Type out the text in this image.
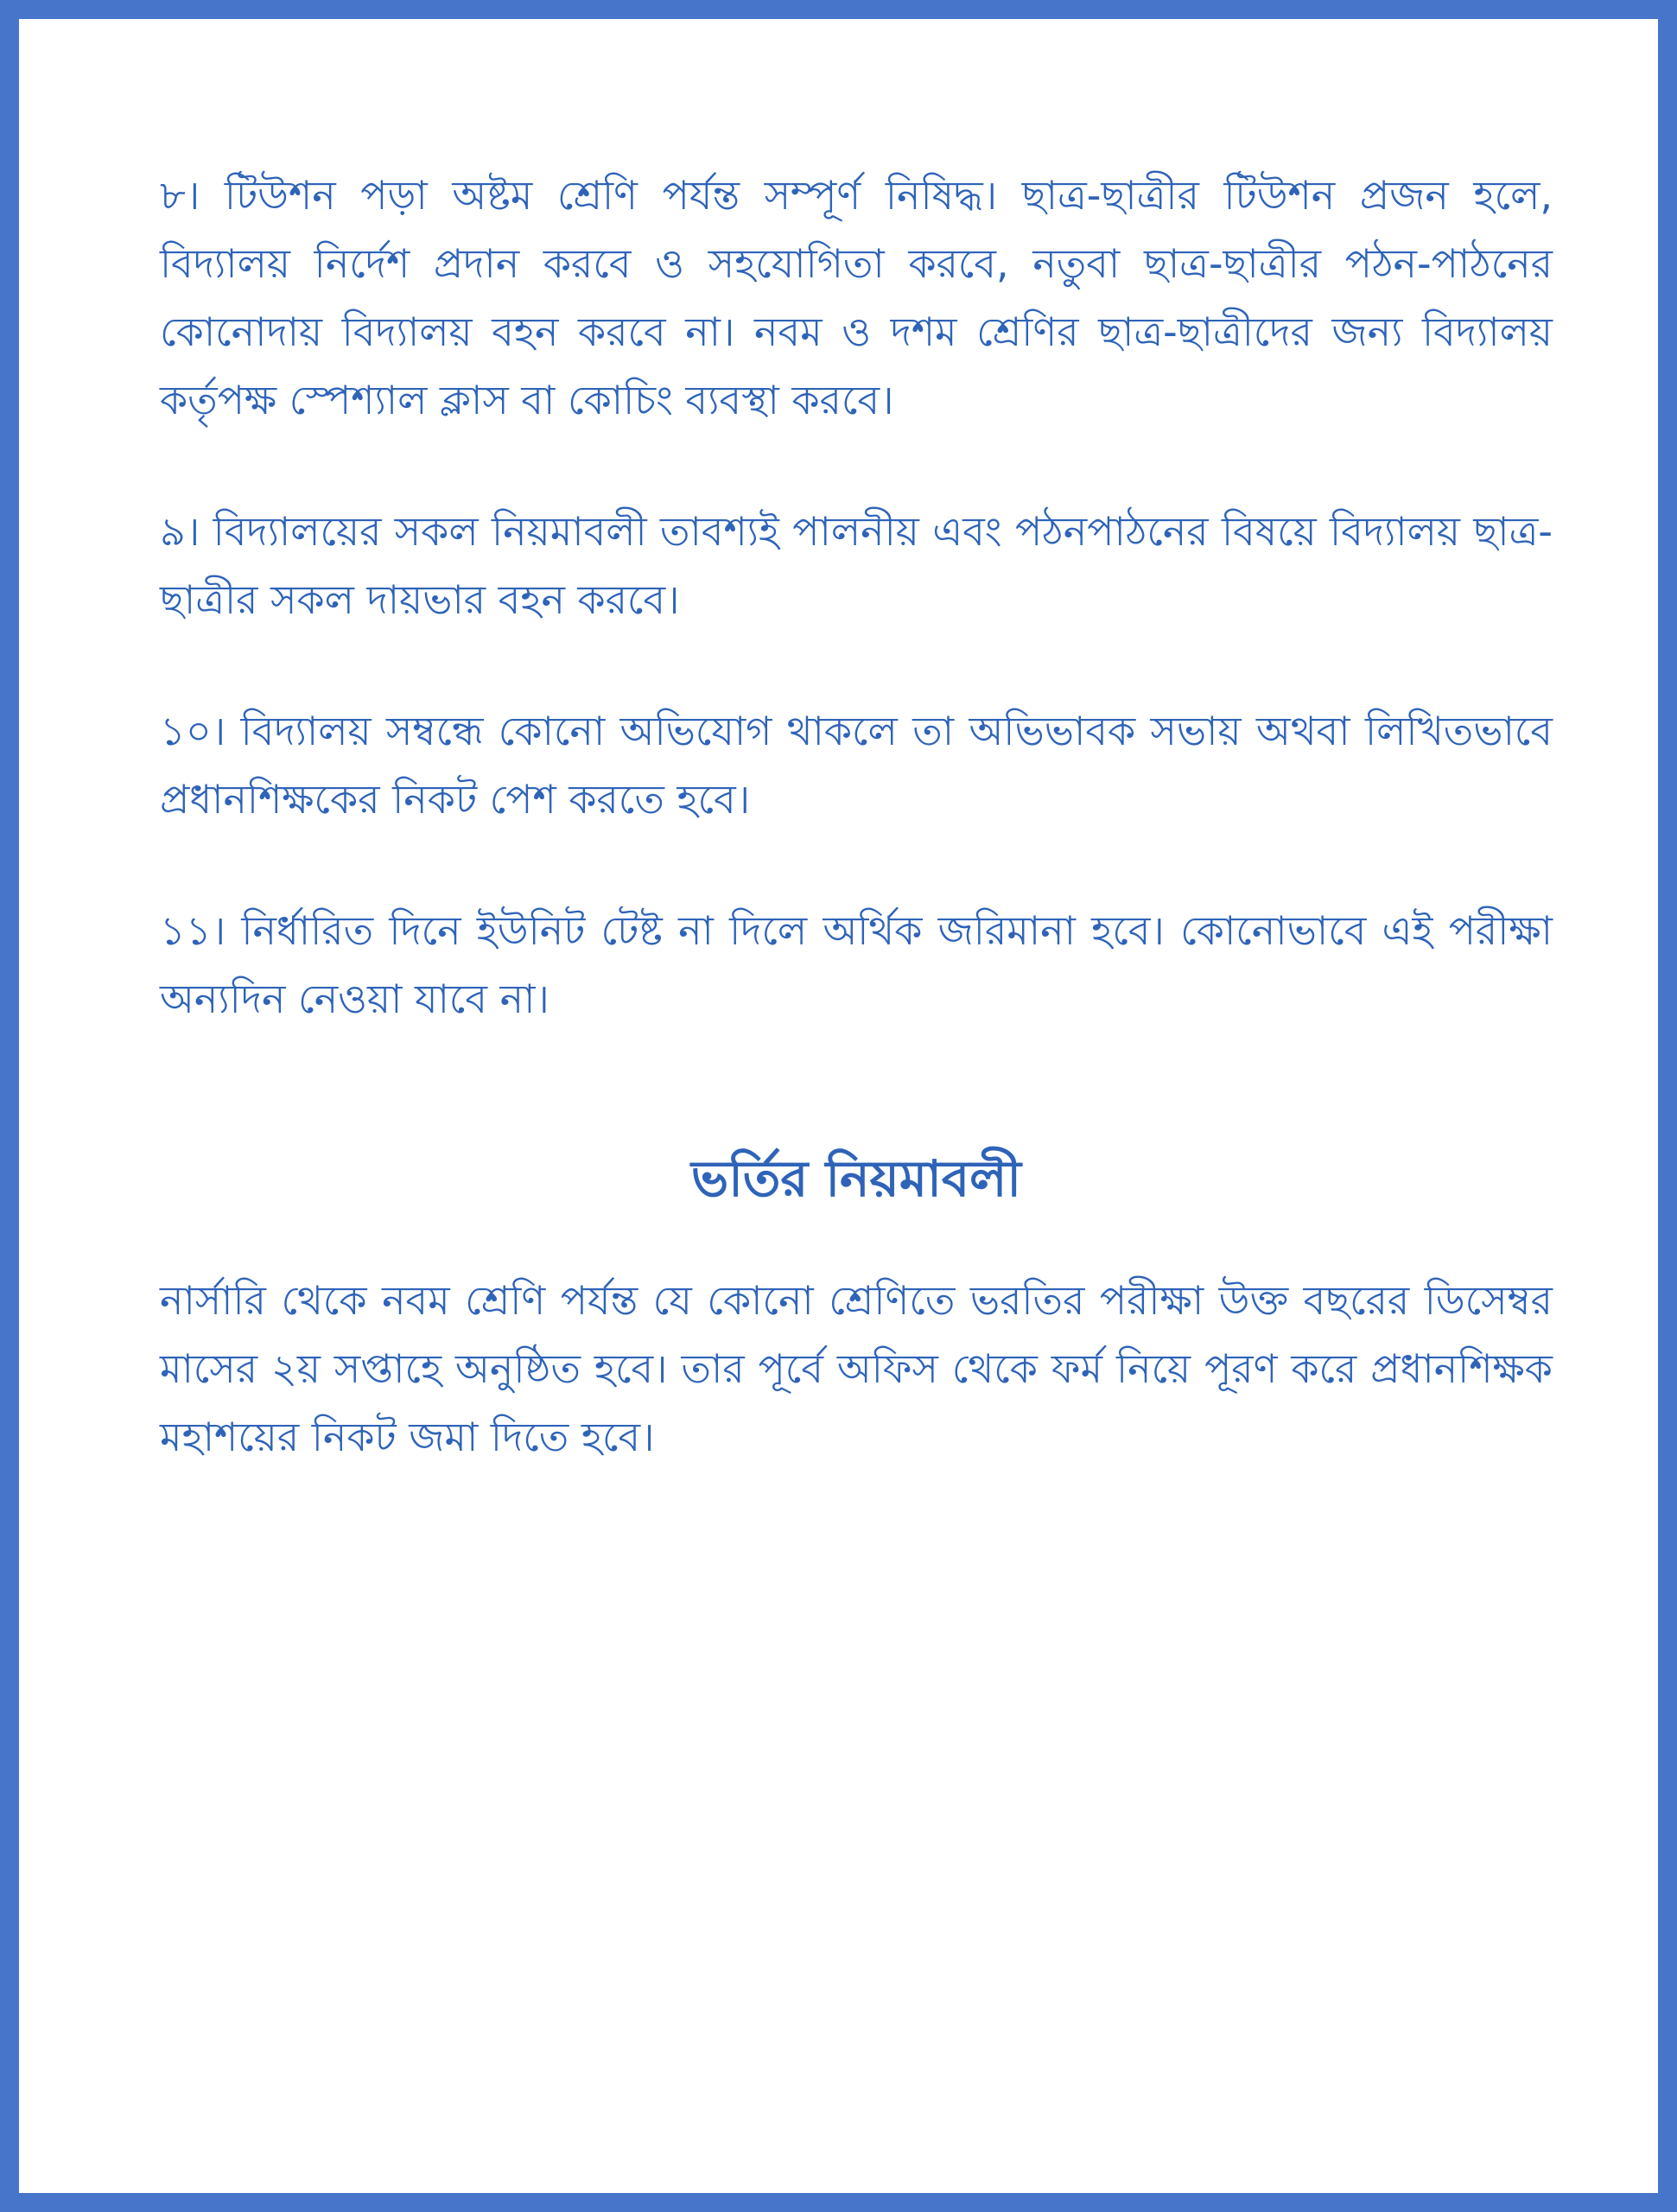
৮। টিউশন পড়া অষ্টম শ্রেণি পর্যন্ত সম্পূর্ণ নিষিদ্ধ। ছাত্র-ছাত্রীর টিউশন প্রজন হলে, বিদ্যালয় নির্দেশ প্রদান করবে ও সহযোগিতা করবে, নতুবা ছাত্র-ছাত্রীর পঠন-পাঠনের কোনোদায় বিদ্যালয় বহন করবে না। নবম ও দশম শ্রেণির ছাত্র-ছাত্রীদের জন্য বিদ্যালয় কর্তৃপক্ষ স্পেশ্যাল ক্লাস বা কোচিং ব্যবস্থা করবে।

৯। বিদ্যালয়ের সকল নিয়মাবলী তাবশ্যই পালনীয় এবং পঠনপাঠনের বিষয়ে বিদ্যালয় ছাত্র-ছাত্রীর সকল দায়ভার বহন করবে।

১০। বিদ্যালয় সম্বন্ধে কোনো অভিযোগ থাকলে তা অভিভাবক সভায় অথবা লিখিতভাবে প্রধানশিক্ষকের নিকট পেশ করতে হবে।

১১। নির্ধারিত দিনে ইউনিট টেষ্ট না দিলে অর্থিক জরিমানা হবে। কোনোভাবে এই পরীক্ষা অন্যদিন নেওয়া যাবে না।

ভর্তির নিয়মাবলী

নার্সারি থেকে নবম শ্রেণি পর্যন্ত যে কোনো শ্রেণিতে ভরতির পরীক্ষা উক্ত বছরের ডিসেম্বর মাসের ২য় সপ্তাহে অনুষ্ঠিত হবে। তার পূর্বে অফিস থেকে ফর্ম নিয়ে পূরণ করে প্রধানশিক্ষক মহাশয়ের নিকট জমা দিতে হবে।
